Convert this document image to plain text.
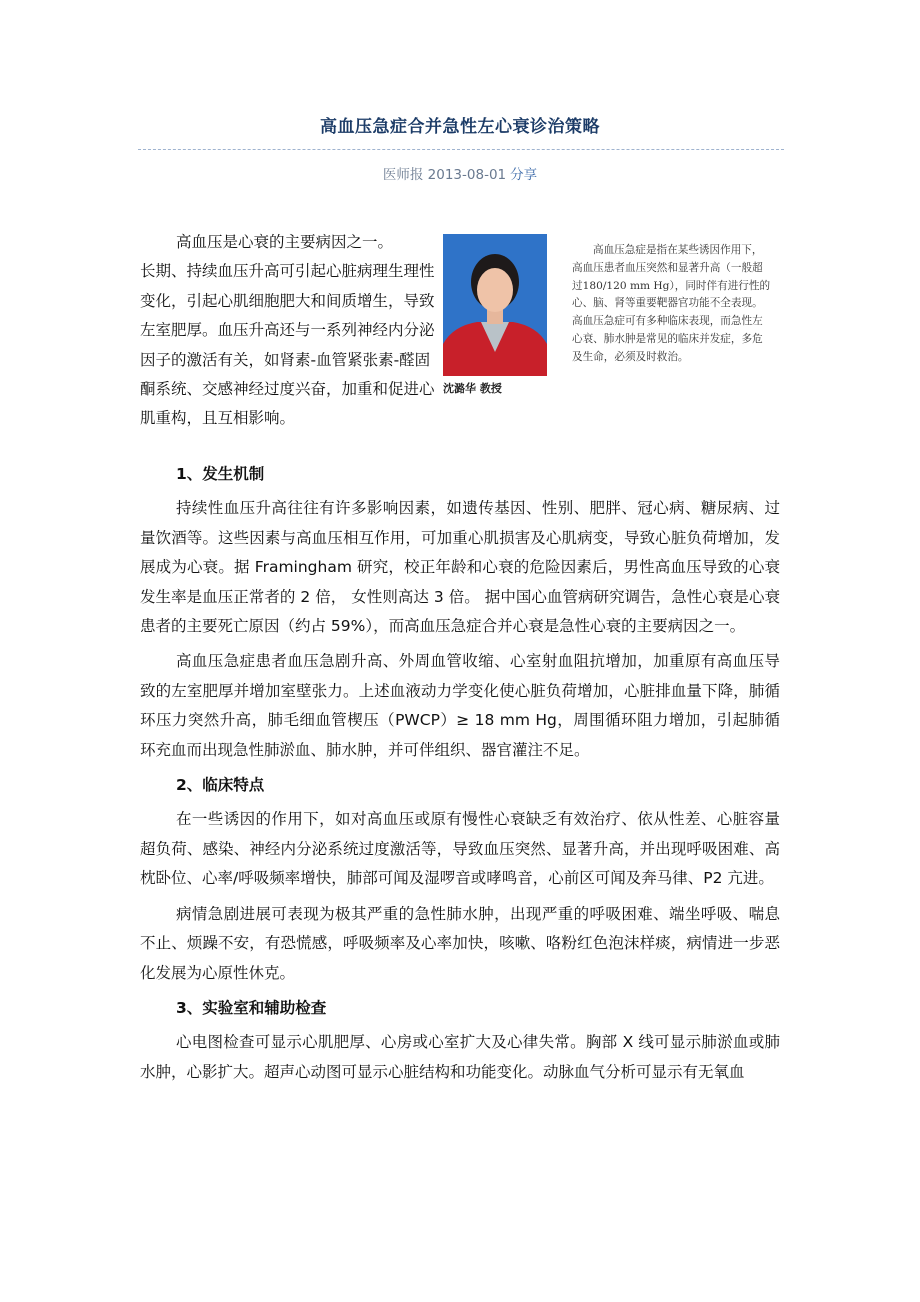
高血压急症合并急性左心衰诊治策略
医师报 2013-08-01 分享

高血压是心衰的主要病因之一。

长期、持续血压升高可引起心脏病理生理性变化，引起心肌细胞肥大和间质增生，导致左室肥厚。血压升高还与一系列神经内分泌因子的激活有关，如肾素-血管紧张素-醛固酮系统、交感神经过度兴奋，加重和促进心肌重构，且互相影响。

沈潞华 教授

高血压急症是指在某些诱因作用下，高血压患者血压突然和显著升高（一般超过180/120 mm Hg），同时伴有进行性的心、脑、肾等重要靶器官功能不全表现。高血压急症可有多种临床表现，而急性左心衰、肺水肿是常见的临床并发症，多危及生命，必须及时救治。

1、发生机制

持续性血压升高往往有许多影响因素，如遗传基因、性别、肥胖、冠心病、糖尿病、过量饮酒等。这些因素与高血压相互作用，可加重心肌损害及心肌病变，导致心脏负荷增加，发展成为心衰。据 Framingham 研究，校正年龄和心衰的危险因素后，男性高血压导致的心衰发生率是血压正常者的 2 倍， 女性则高达 3 倍。 据中国心血管病研究调告，急性心衰是心衰患者的主要死亡原因（约占 59%），而高血压急症合并心衰是急性心衰的主要病因之一。

高血压急症患者血压急剧升高、外周血管收缩、心室射血阻抗增加，加重原有高血压导致的左室肥厚并增加室壁张力。上述血液动力学变化使心脏负荷增加，心脏排血量下降，肺循环压力突然升高，肺毛细血管楔压（PWCP）≥ 18 mm Hg，周围循环阻力增加，引起肺循环充血而出现急性肺淤血、肺水肿，并可伴组织、器官灌注不足。

2、临床特点

在一些诱因的作用下，如对高血压或原有慢性心衰缺乏有效治疗、依从性差、心脏容量超负荷、感染、神经内分泌系统过度激活等，导致血压突然、显著升高，并出现呼吸困难、高枕卧位、心率/呼吸频率增快，肺部可闻及湿啰音或哮鸣音，心前区可闻及奔马律、P2 亢进。

病情急剧进展可表现为极其严重的急性肺水肿，出现严重的呼吸困难、端坐呼吸、喘息不止、烦躁不安，有恐慌感，呼吸频率及心率加快，咳嗽、咯粉红色泡沫样痰，病情进一步恶化发展为心原性休克。

3、实验室和辅助检查

心电图检查可显示心肌肥厚、心房或心室扩大及心律失常。胸部 X 线可显示肺淤血或肺水肿，心影扩大。超声心动图可显示心脏结构和功能变化。动脉血气分析可显示有无氧血
